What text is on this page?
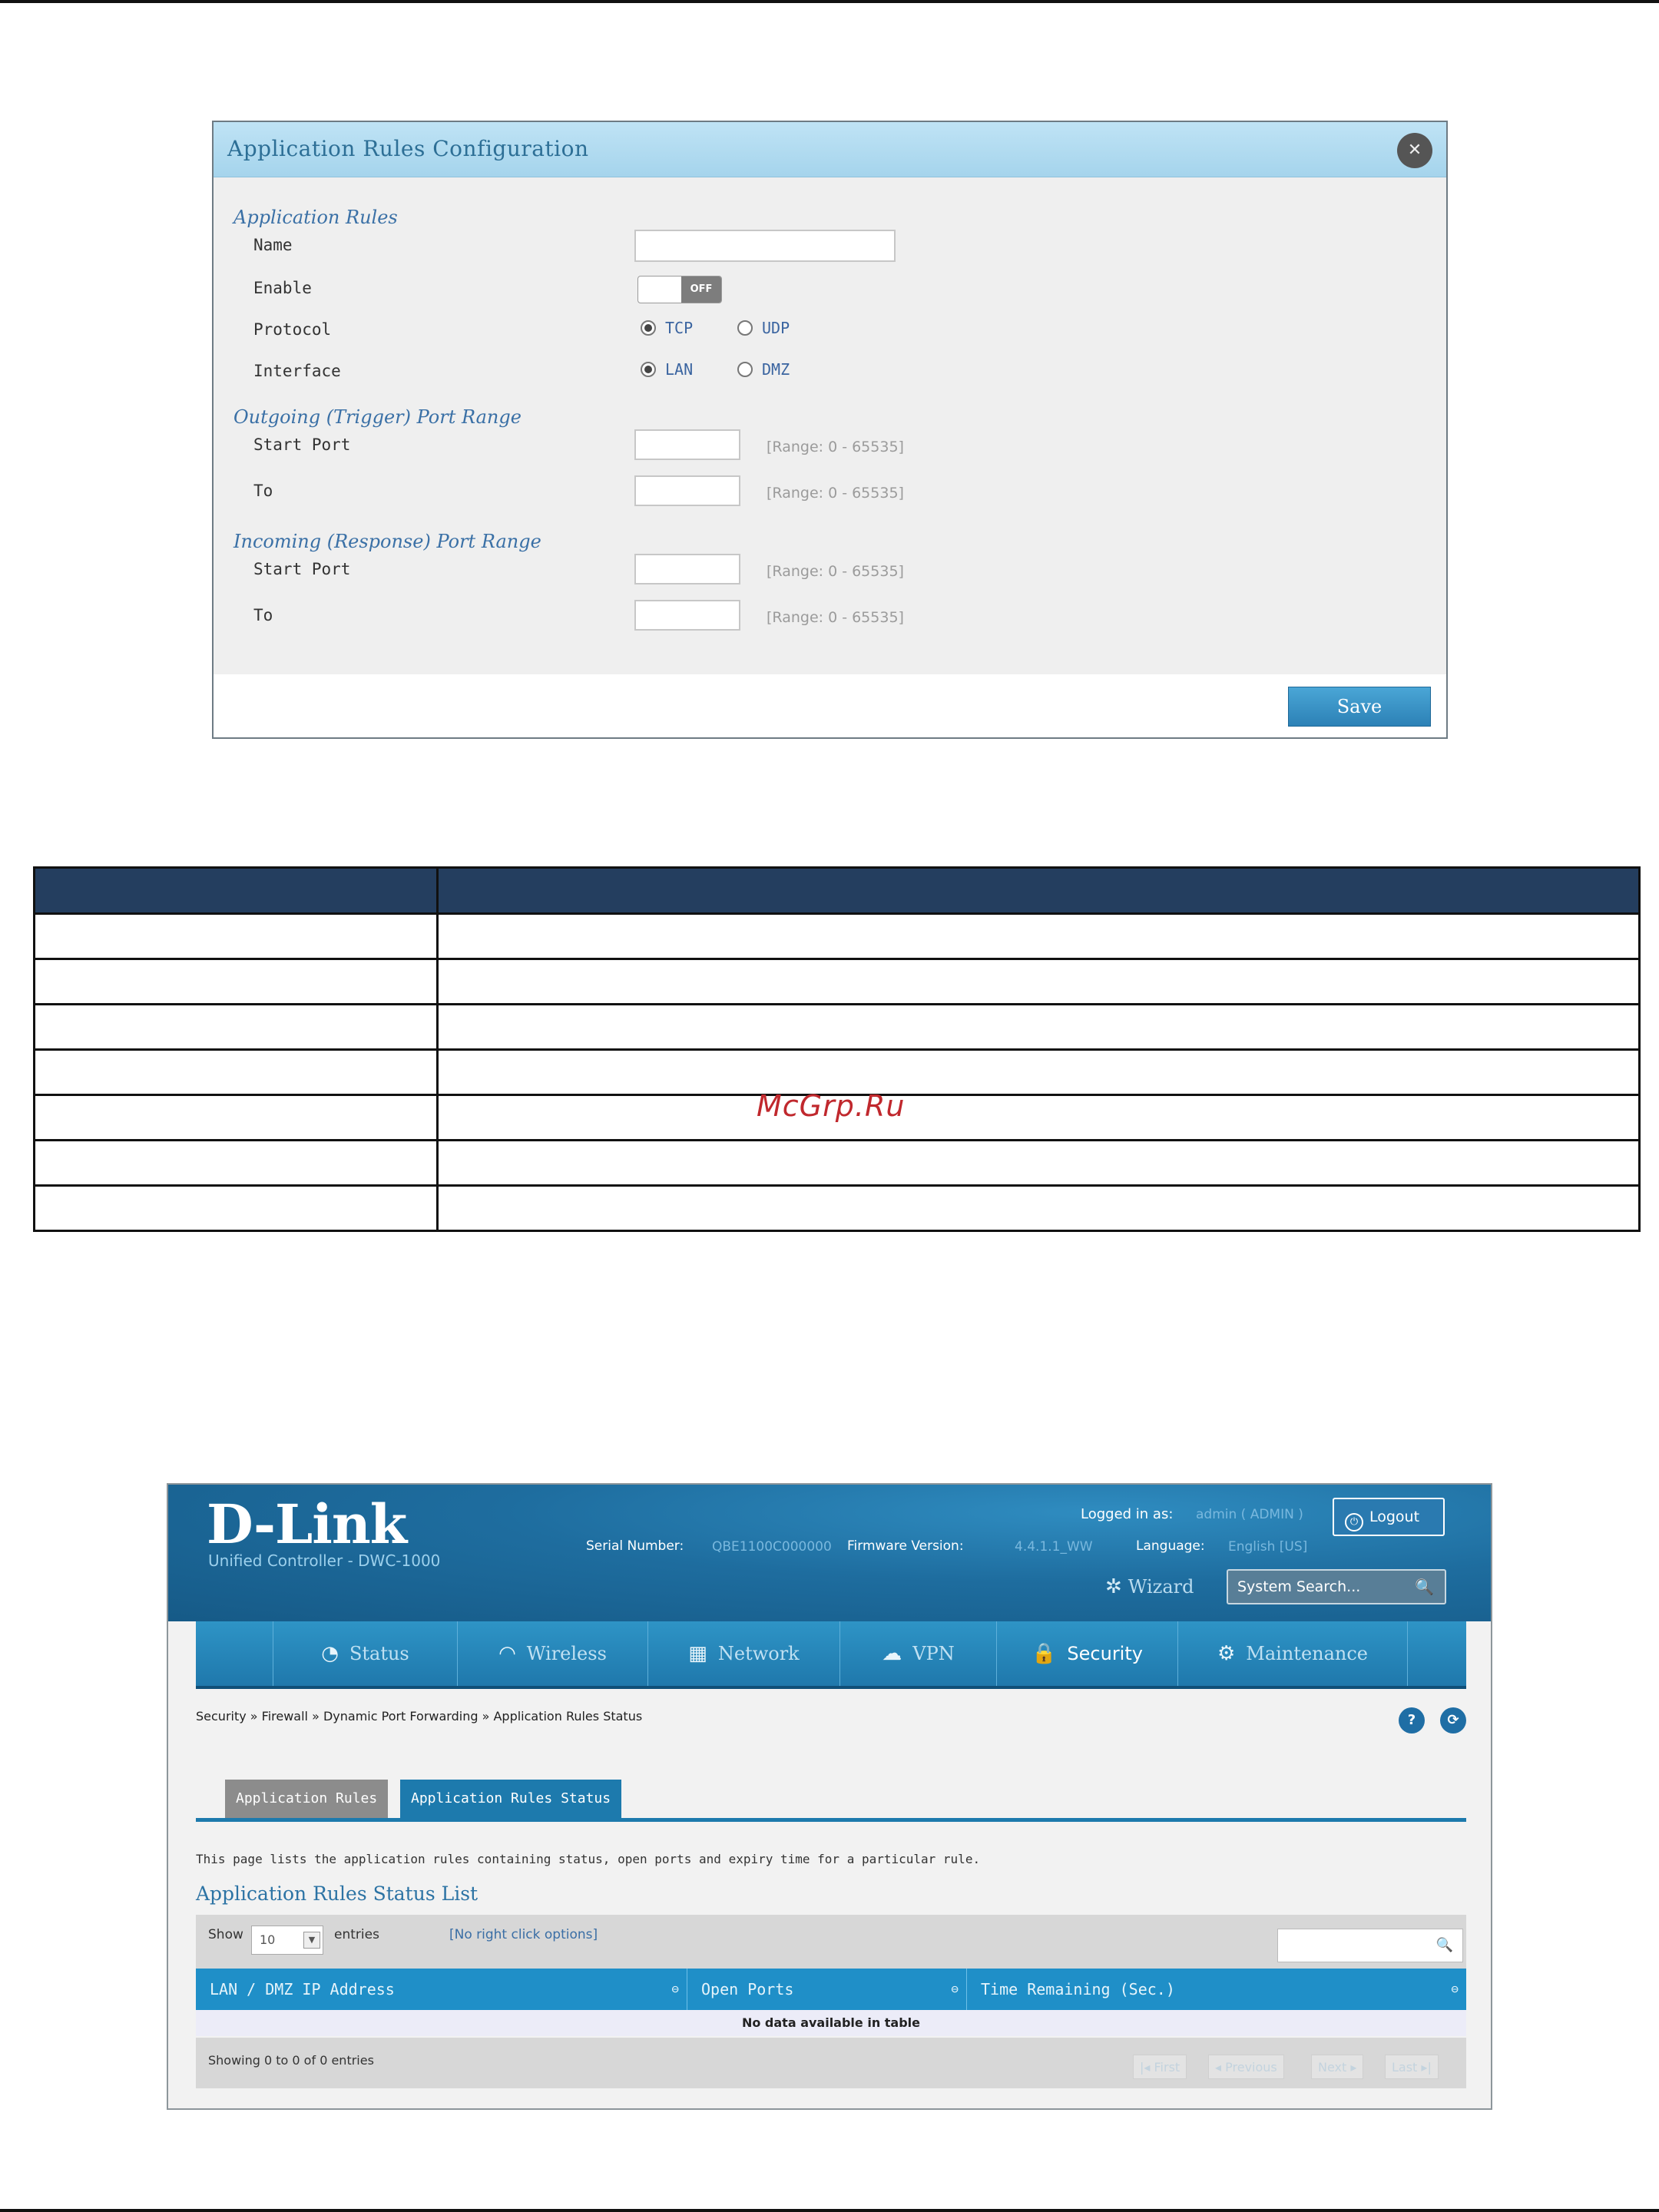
Application Rules Configuration	✕
Application Rules
Name
Enable	OFF
Protocol	TCP	UDP
Interface	LAN	DMZ
Outgoing (Trigger) Port Range
Start Port	[Range: 0 - 65535]
To	[Range: 0 - 65535]
Incoming (Response) Port Range
Start Port	[Range: 0 - 65535]
To	[Range: 0 - 65535]
Save

McGrp.Ru
D-Link
Unified Controller - DWC-1000
Logged in as: admin ( ADMIN )	⏻ Logout
Serial Number: QBE1100C000000 Firmware Version:	4.4.1.1_WW	Language: English [US]
✲ Wizard	System Search...	🔍
◔ Status	◠ Wireless	▦ Network	☁ VPN	🔒 Security	⚙ Maintenance
Security » Firewall » Dynamic Port Forwarding » Application Rules Status	?	⟳
Application Rules	Application Rules Status
This page lists the application rules containing status, open ports and expiry time for a particular rule.
Application Rules Status List
Show	10	▼	entries	[No right click options]
🔍
LAN / DMZ IP Address	⊖	Open Ports	⊖	Time Remaining (Sec.)	⊖
No data available in table
Showing 0 to 0 of 0 entries	|◂ First	◂ Previous	Next ▸	Last ▸|
